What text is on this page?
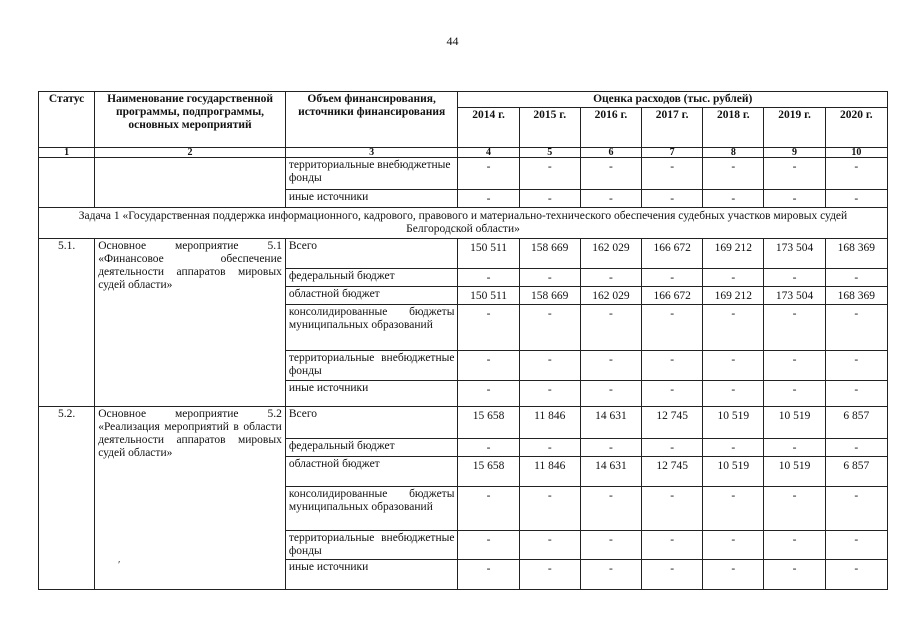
44
Статус	Наименование государственной программы, подпрограммы, основных мероприятий	Объем финансирования, источники финансирования	Оценка расходов (тыс. рублей)						
			2014 г.	2015 г.	2016 г.	2017 г.	2018 г.	2019 г.	2020 г.
1	2	3	4	5	6	7	8	9	10
		территориальные внебюджетные фонды	-	-	-	-	-	-	-
		иные источники	-	-	-	-	-	-	-
Задача 1 «Государственная поддержка информационного, кадрового, правового и материально-технического обеспечения судебных участков мировых судей Белгородской области»									
5.1.	Основное мероприятие 5.1 «Финансовое обеспечение деятельности аппаратов мировых судей области»	Всего	150 511	158 669	162 029	166 672	169 212	173 504	168 369
		федеральный бюджет	-	-	-	-	-	-	-
		областной бюджет	150 511	158 669	162 029	166 672	169 212	173 504	168 369
		консолидированные бюджеты муниципальных образований	-	-	-	-	-	-	-
		территориальные внебюджетные фонды	-	-	-	-	-	-	-
		иные источники	-	-	-	-	-	-	-
5.2.	Основное мероприятие 5.2 «Реализация мероприятий в области деятельности аппаратов мировых судей области»	Всего	15 658	11 846	14 631	12 745	10 519	10 519	6 857
		федеральный бюджет	-	-	-	-	-	-	-
		областной бюджет	15 658	11 846	14 631	12 745	10 519	10 519	6 857
		консолидированные бюджеты муниципальных образований	-	-	-	-	-	-	-
		территориальные внебюджетные фонды	-	-	-	-	-	-	-
		иные источники	-	-	-	-	-	-	-
′
